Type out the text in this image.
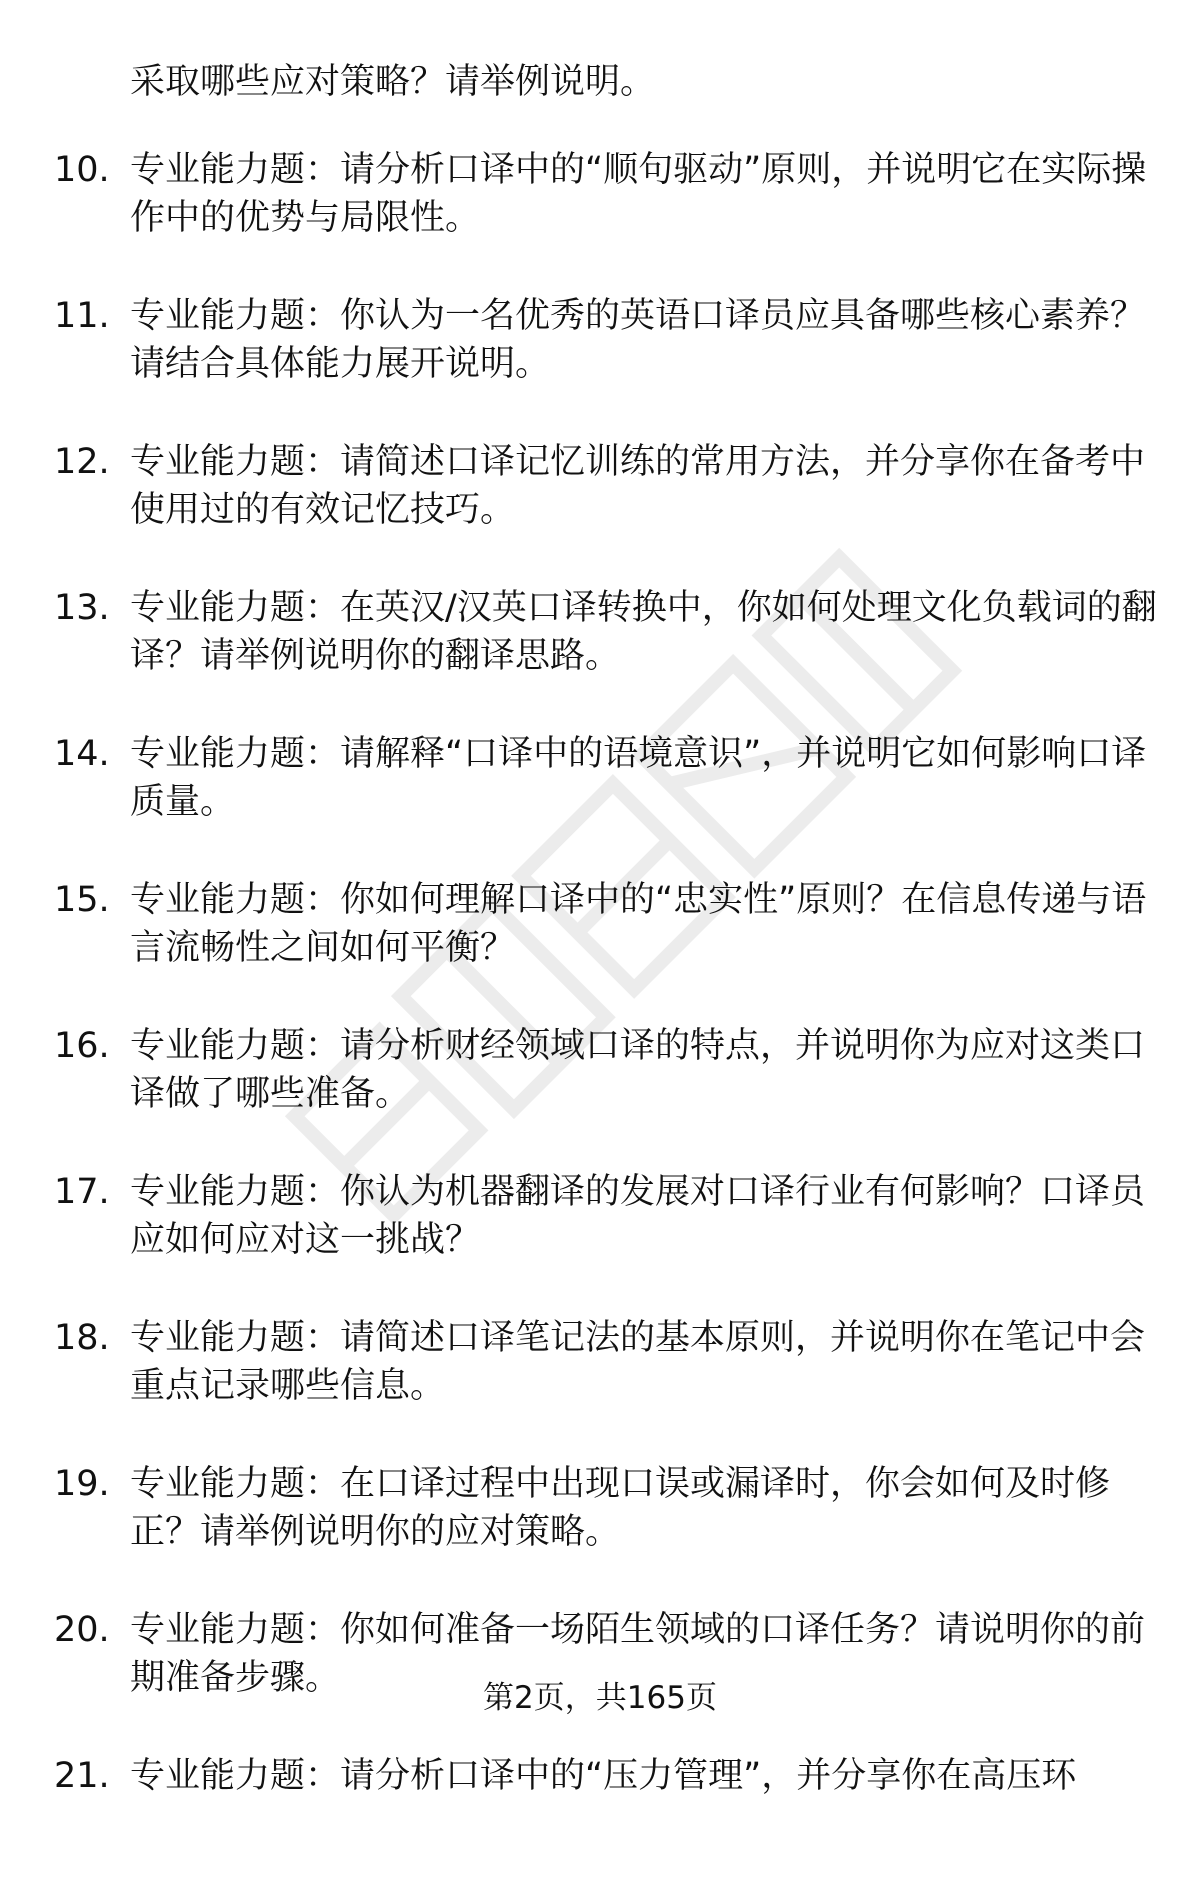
采取哪些应对策略？请举例说明。
10. 专业能力题：请分析口译中的“顺句驱动”原则，并说明它在实际操作中的优势与局限性。
11. 专业能力题：你认为一名优秀的英语口译员应具备哪些核心素养？请结合具体能力展开说明。
12. 专业能力题：请简述口译记忆训练的常用方法，并分享你在备考中使用过的有效记忆技巧。
13. 专业能力题：在英汉/汉英口译转换中，你如何处理文化负载词的翻译？请举例说明你的翻译思路。
14. 专业能力题：请解释“口译中的语境意识”，并说明它如何影响口译质量。
15. 专业能力题：你如何理解口译中的“忠实性”原则？在信息传递与语言流畅性之间如何平衡？
16. 专业能力题：请分析财经领域口译的特点，并说明你为应对这类口译做了哪些准备。
17. 专业能力题：你认为机器翻译的发展对口译行业有何影响？口译员应如何应对这一挑战？
18. 专业能力题：请简述口译笔记法的基本原则，并说明你在笔记中会重点记录哪些信息。
19. 专业能力题：在口译过程中出现口误或漏译时，你会如何及时修正？请举例说明你的应对策略。
20. 专业能力题：你如何准备一场陌生领域的口译任务？请说明你的前期准备步骤。
21. 专业能力题：请分析口译中的“压力管理”，并分享你在高压环
第2页，共165页
